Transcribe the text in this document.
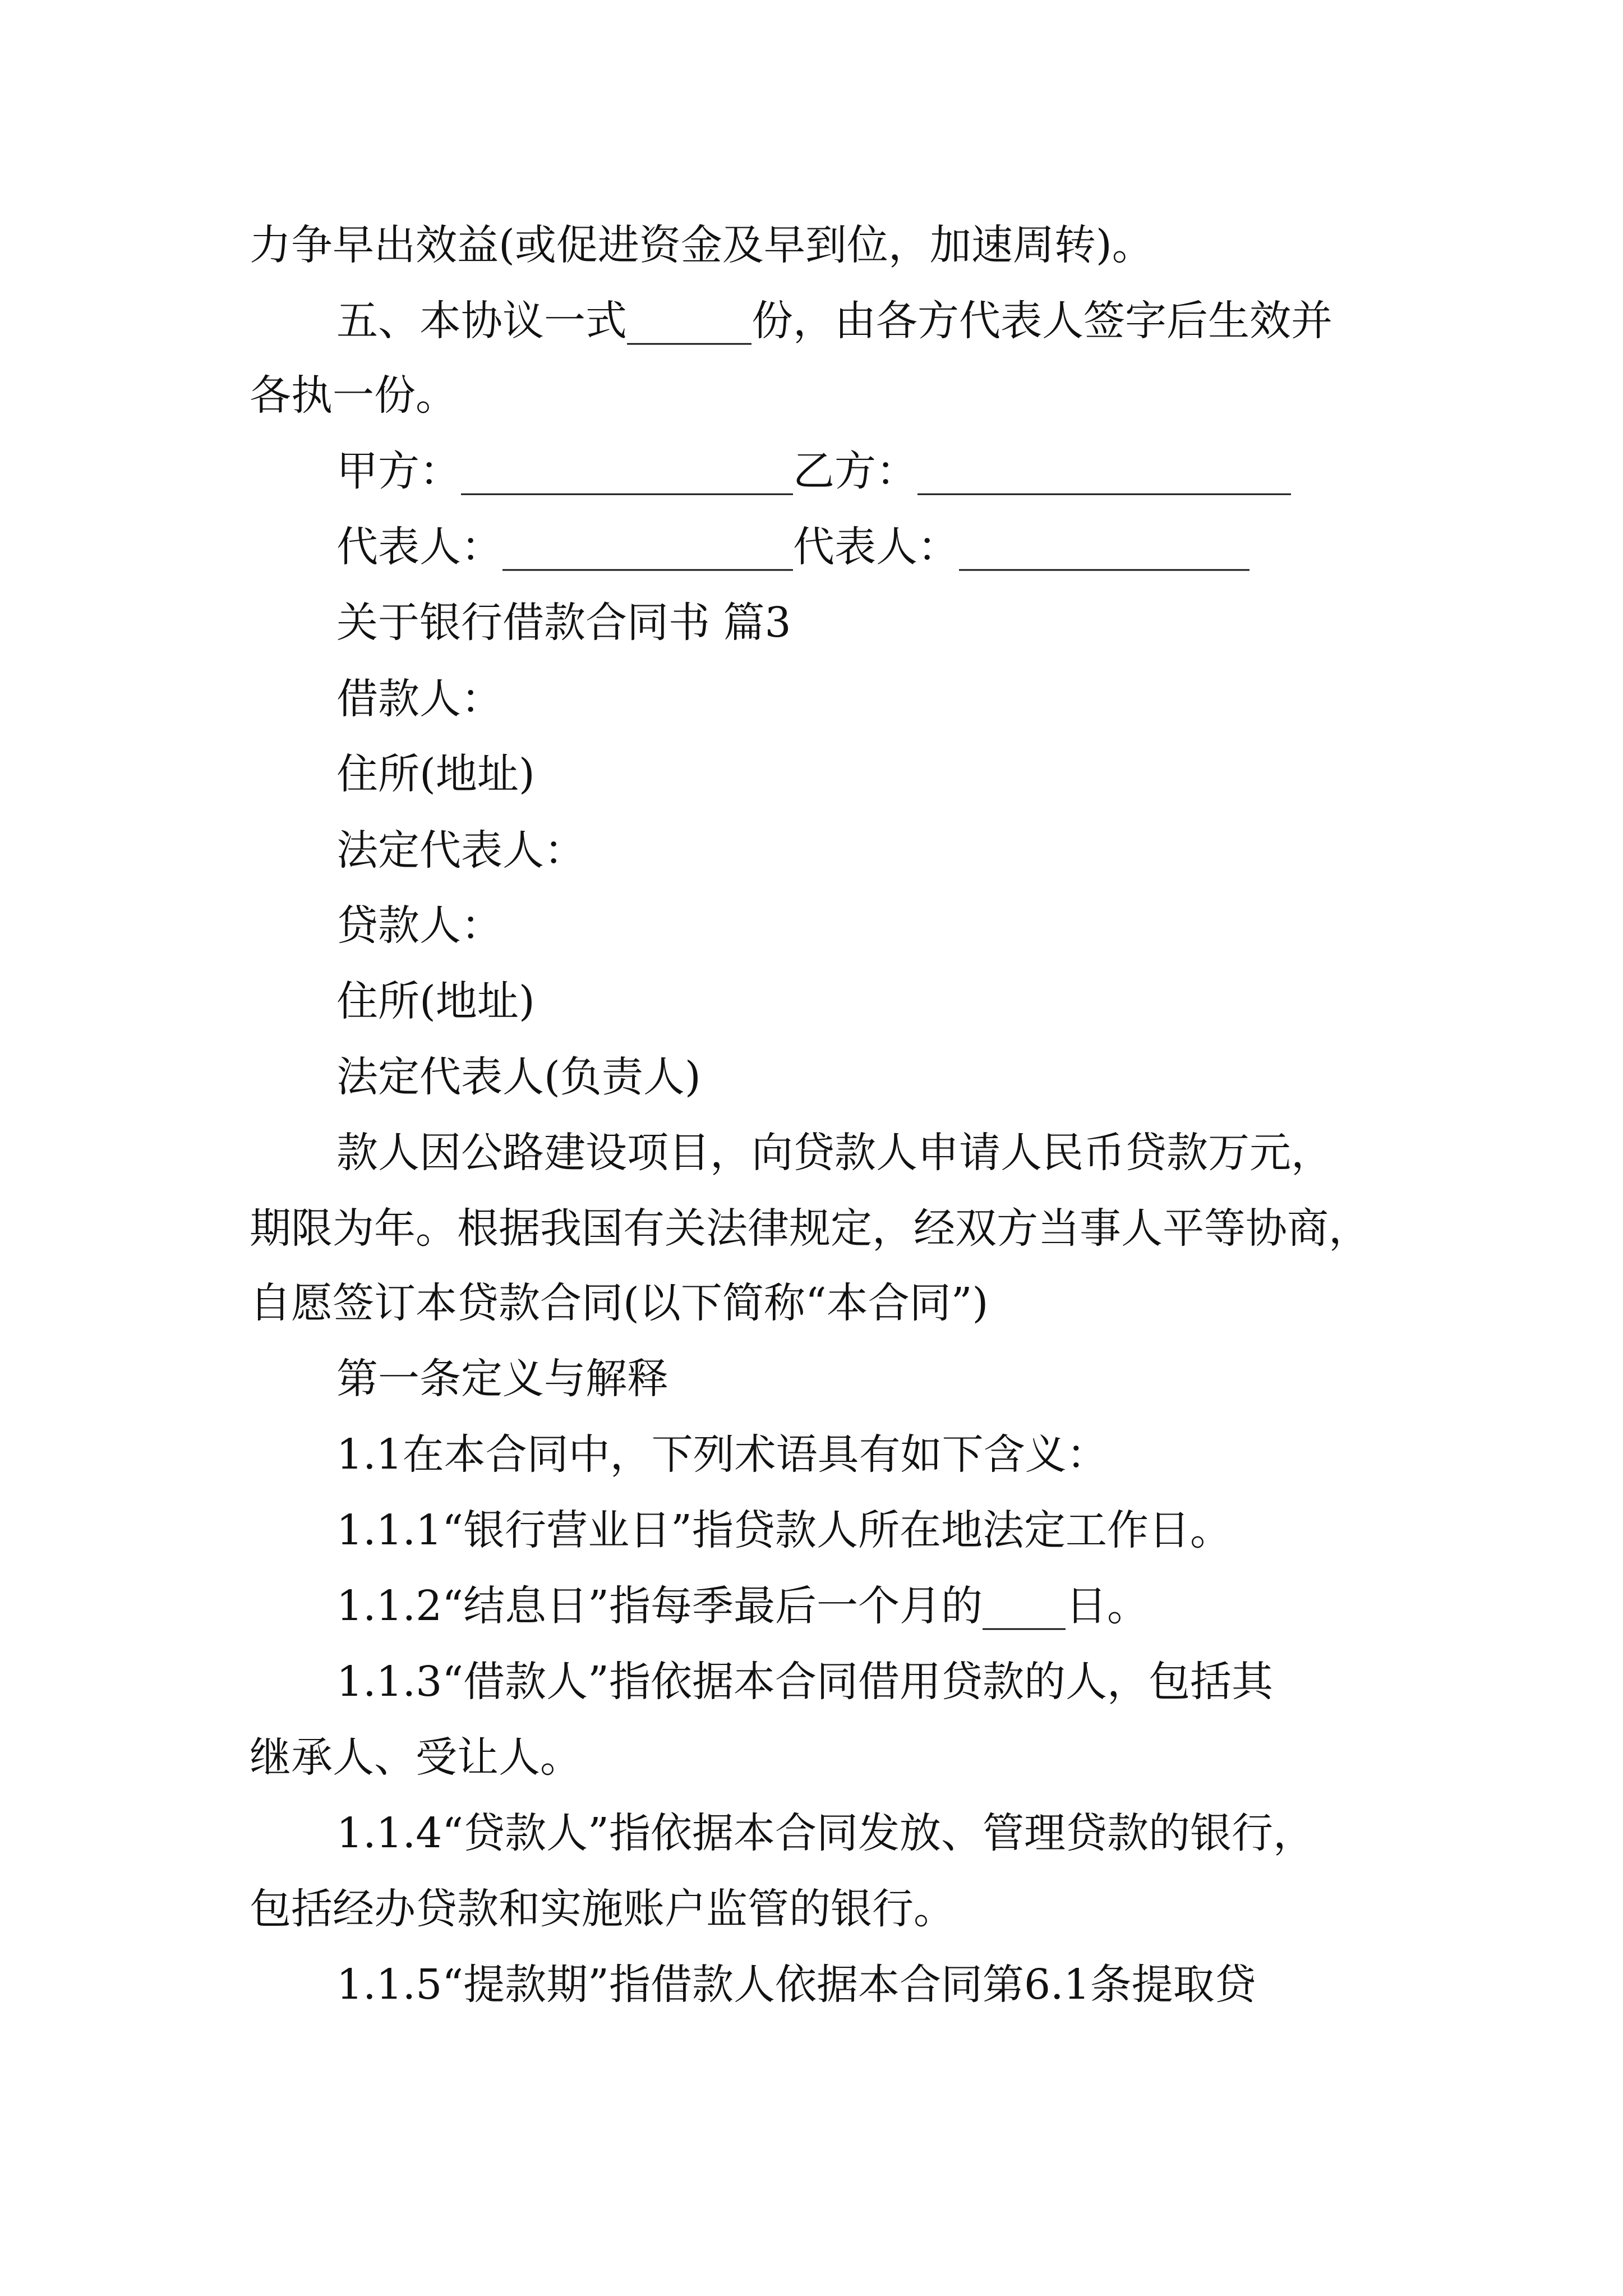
力争早出效益(或促进资金及早到位，加速周转)。
五、本协议一式______份，由各方代表人签字后生效并
各执一份。
甲方：________________乙方：__________________
代表人：______________代表人：______________
关于银行借款合同书 篇3
借款人：
住所(地址)
法定代表人：
贷款人：
住所(地址)
法定代表人(负责人)
款人因公路建设项目，向贷款人申请人民币贷款万元，
期限为年。根据我国有关法律规定，经双方当事人平等协商，
自愿签订本贷款合同(以下简称“本合同”)
第一条定义与解释
1.1在本合同中，下列术语具有如下含义：
1.1.1“银行营业日”指贷款人所在地法定工作日。
1.1.2“结息日”指每季最后一个月的____日。
1.1.3“借款人”指依据本合同借用贷款的人，包括其
继承人、受让人。
1.1.4“贷款人”指依据本合同发放、管理贷款的银行，
包括经办贷款和实施账户监管的银行。
1.1.5“提款期”指借款人依据本合同第6.1条提取贷
